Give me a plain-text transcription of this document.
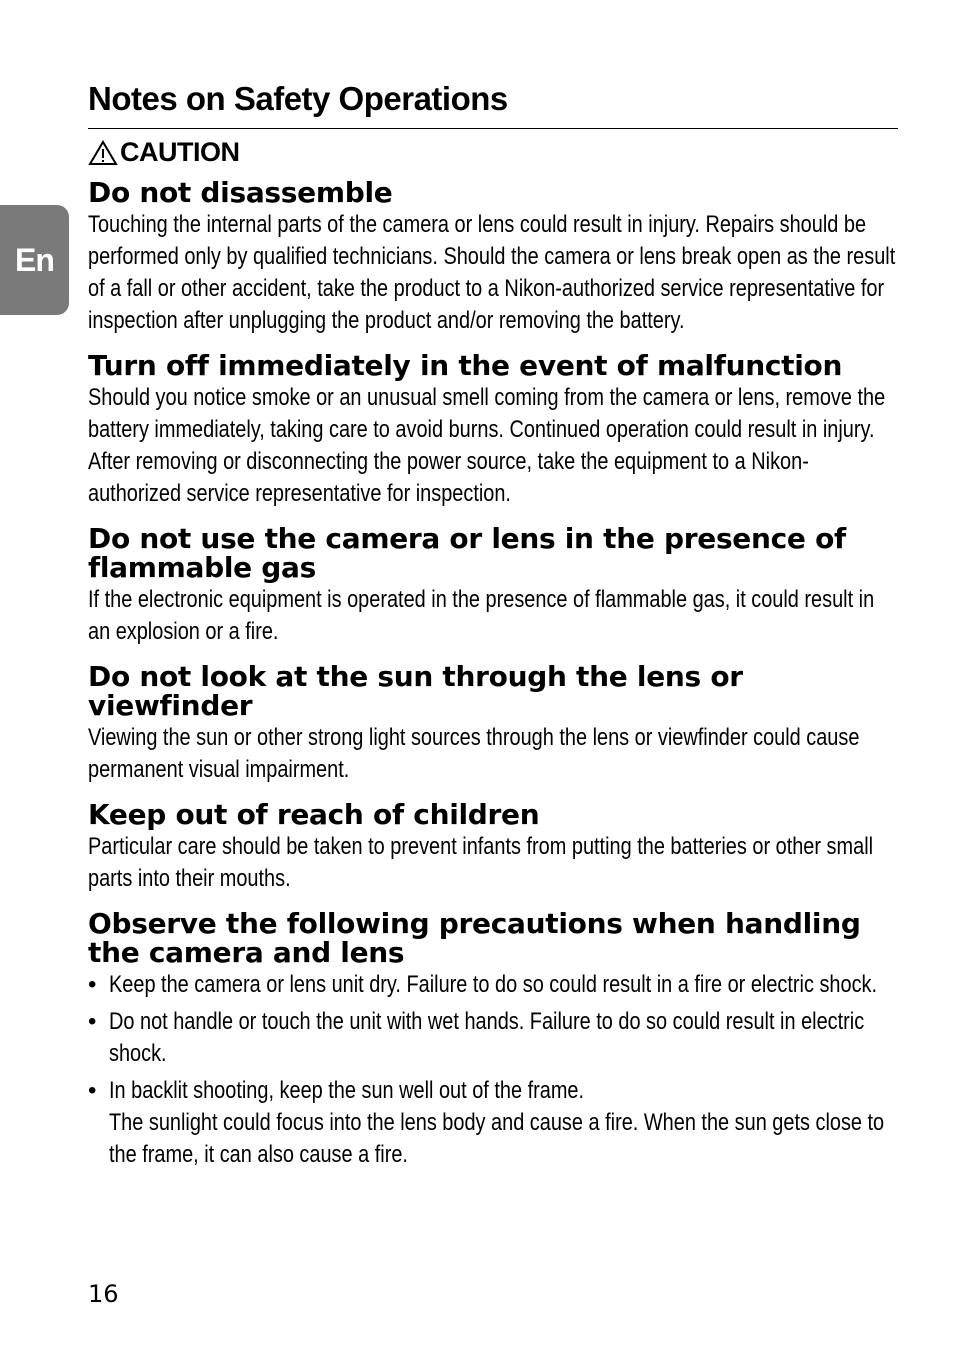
En
Notes on Safety Operations
CAUTION
Do not disassemble

Touching the internal parts of the camera or lens could result in injury. Repairs should be performed only by qualified technicians. Should the camera or lens break open as the result of a fall or other accident, take the product to a Nikon-authorized service representative for inspection after unplugging the product and/or removing the battery.

Turn off immediately in the event of malfunction

Should you notice smoke or an unusual smell coming from the camera or lens, remove the battery immediately, taking care to avoid burns. Continued operation could result in injury. After removing or disconnecting the power source, take the equipment to a Nikon-authorized service representative for inspection.

Do not use the camera or lens in the presence of flammable gas

If the electronic equipment is operated in the presence of flammable gas, it could result in an explosion or a fire.

Do not look at the sun through the lens or viewfinder

Viewing the sun or other strong light sources through the lens or viewfinder could cause permanent visual impairment.

Keep out of reach of children

Particular care should be taken to prevent infants from putting the batteries or other small parts into their mouths.

Observe the following precautions when handling the camera and lens
• Keep the camera or lens unit dry. Failure to do so could result in a fire or electric shock.
• Do not handle or touch the unit with wet hands. Failure to do so could result in electric shock.
• In backlit shooting, keep the sun well out of the frame.
The sunlight could focus into the lens body and cause a fire. When the sun gets close to the frame, it can also cause a fire.
16
